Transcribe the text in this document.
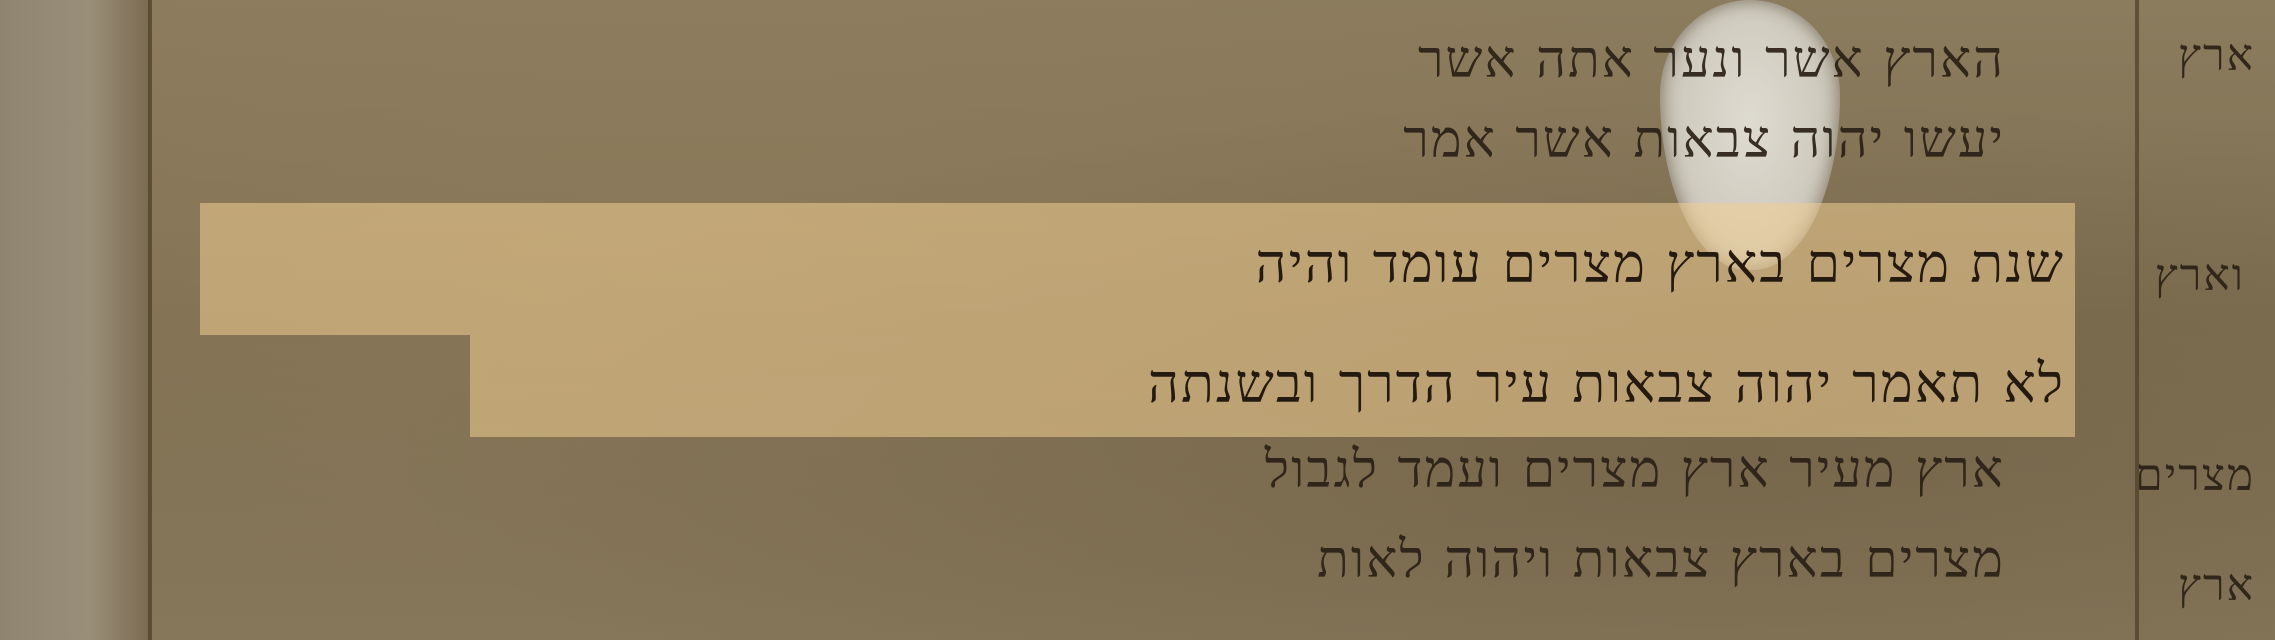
הארץ אשר ונער אתה אשר
יעשו יהוה צבאות אשר אמר
ארץ מעיר ארץ מצרים ועמד לגבול
מצרים בארץ צבאות ויהוה לאות
ארץ
וארץ
מצרים
ארץ
שנת מצרים בארץ מצרים עומד והיה
לא תאמר יהוה צבאות עיר הדרך ובשנתה
